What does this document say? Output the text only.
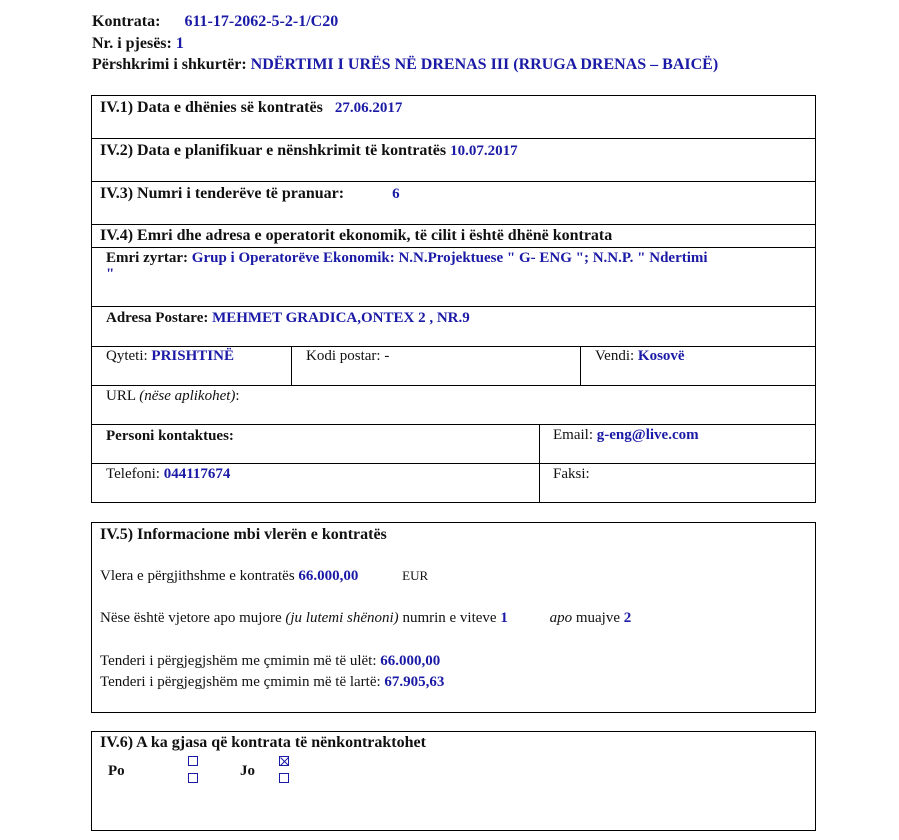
Kontrata: 611-17-2062-5-2-1/C20
Nr. i pjesës: 1
Përshkrimi i shkurtër: NDËRTIMI I URËS NË DRENAS III (RRUGA DRENAS – BAICË)
IV.1) Data e dhënies së kontratës 27.06.2017
IV.2) Data e planifikuar e nënshkrimit të kontratës 10.07.2017
IV.3) Numri i tenderëve të pranuar:	6
IV.4) Emri dhe adresa e operatorit ekonomik, të cilit i është dhënë kontrata
Emri zyrtar: Grup i Operatorëve Ekonomik: N.N.Projektuese " G- ENG "; N.N.P. " Ndertimi
"
Adresa Postare: MEHMET GRADICA,ONTEX 2 , NR.9
Qyteti: PRISHTINË	Kodi postar: -	Vendi: Kosovë
URL (nëse aplikohet):
Personi kontaktues:	Email: g-eng@live.com
Telefoni: 044117674	Faksi:
IV.5) Informacione mbi vlerën e kontratës
Vlera e përgjithshme e kontratës 66.000,00	EUR
Nëse është vjetore apo mujore (ju lutemi shënoni) numrin e viteve 1	apo muajve 2
Tenderi i përgjegjshëm me çmimin më të ulët: 66.000,00
Tenderi i përgjegjshëm me çmimin më të lartë: 67.905,63
IV.6) A ka gjasa që kontrata të nënkontraktohet
Po	Jo
